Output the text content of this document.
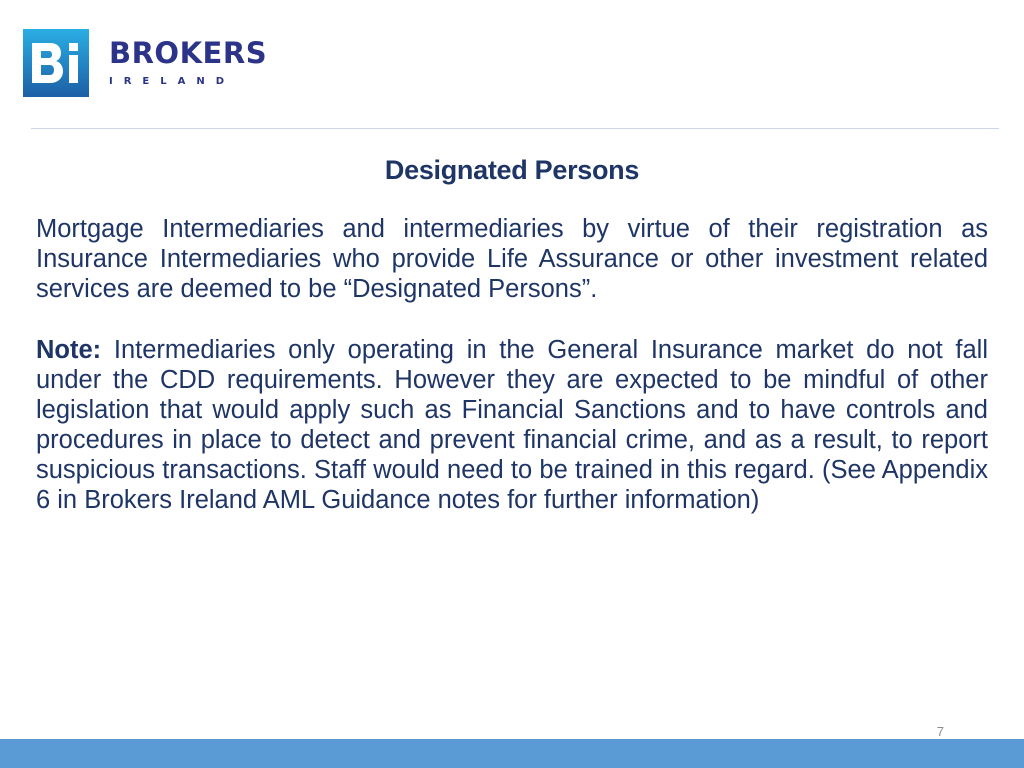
BROKERS
IRELAND
Designated Persons

Mortgage Intermediaries and intermediaries by virtue of their registration as Insurance Intermediaries who provide Life Assurance or other investment related services are deemed to be “Designated Persons”.

Note: Intermediaries only operating in the General Insurance market do not fall under the CDD requirements. However they are expected to be mindful of other legislation that would apply such as Financial Sanctions and to have controls and procedures in place to detect and prevent financial crime, and as a result, to report suspicious transactions. Staff would need to be trained in this regard. (See Appendix 6 in Brokers Ireland AML Guidance notes for further information)

7
